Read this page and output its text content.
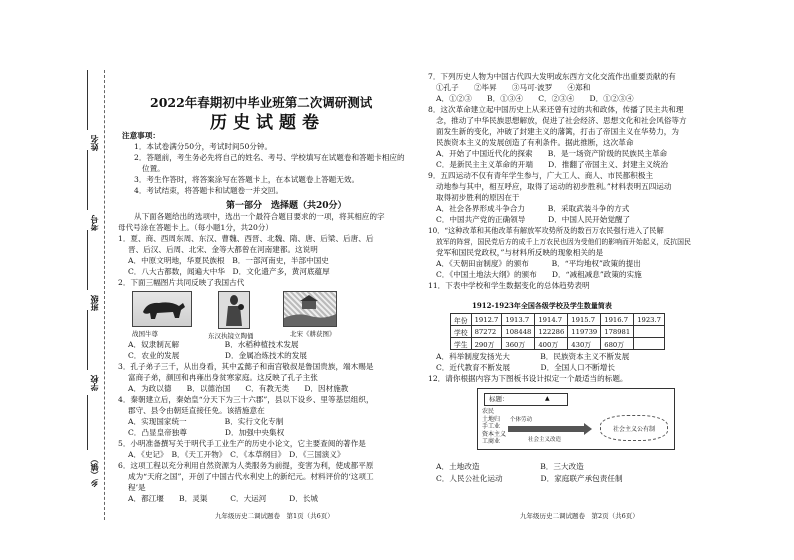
姓名
考号
班级
学校
乡（镇）
2022年春期初中毕业班第二次调研测试
历史试题卷
注意事项：
1．本试卷满分50分，考试时间50分钟。
2．答题前，考生务必先将自己的姓名、考号、学校填写在试题卷和答题卡相应的
位置。
3．考生作答时，将答案涂写在答题卡上，在本试题卷上答题无效。
4．考试结束，将答题卡和试题卷一并交回。
第一部分　选择题（共20分）
从下面各题给出的选项中，选出一个最符合题目要求的一项，将其相应的字
母代号涂在答题卡上。（每小题1分，共20分）
1．夏、商、西周东周、东汉、曹魏、西晋、北魏、隋、唐、后梁、后唐、后
晋、后汉、后周、北宋、金等大都曾在河南建都。这说明
A．中原文明地，华夏民族根　B．一部河南史，半部中国史
C．八大古都数，闻遍大中华　D．文化遗产多，黄河底蕴厚
2．下面三幅图片共同反映了我国古代
战国牛尊	东汉执镜立陶俑	北宋《耕获图》
A．奴隶制瓦解　　　　　　B．水稻种植技术发展
C．农业的发展　　　　　　D．金属冶炼技术的发展
3．孔子弟子三千，从出身看，其中孟懿子和南宫敬叔是鲁国贵族，端木赐是
富商子弟，颜回和冉雍出身贫寒家庭。这反映了孔子主张
A．为政以德　　B．以德治国　　C．有教无类　　D．因材施教
4．秦朝建立后，秦始皇“分天下为三十六郡”，县以下设乡、里等基层组织，
郡守、县令由朝廷直接任免。该措施意在
A．实现国家统一　　　　　B．实行文化专制
C．凸显皇帝独尊　　　　　D．加强中央集权
5．小明准备撰写关于明代手工业生产的历史小论文，它主要查阅的著作是
A．《史记》　B．《天工开物》　C．《本草纲目》　D．《三国演义》
6．这项工程以充分利用自然资源为人类服务为前提，变害为利，使成都平原
成为“天府之国”，开创了中国古代水利史上的新纪元。材料评价的‘这项工
程’是
A．都江堰　　B．灵渠　　　C．大运河　　　D．长城
九年级历史二调试题卷　第1页（共6页）
7．下列历史人物为中国古代四大发明或东西方文化交流作出重要贡献的有
①孔子　　②毕昇　　③马可·波罗　　④郑和
A．①②③　　B．①③④　　C．②③④　　D．①②③④
8．这次革命建立起中国历史上从来还曾有过的共和政体，传播了民主共和理
念，推动了中华民族思想解放，促进了社会经济、思想文化和社会风俗等方
面发生新的变化，冲破了封建主义的藩篱，打击了帝国主义在华势力，为
民族资本主义的发展创造了有利条件。据此推断，这次革命
A．开始了中国近代化的探索　　B．是一场资产阶级的民族民主革命
C．是新民主主义革命的开端　　D．推翻了帝国主义、封建主义统治
9．五四运动不仅有青年学生参与，广大工人、商人、市民都积极主
动地参与其中，相互呼应，取得了运动的初步胜利。”材料表明五四运动
取得初步胜利的原因在于
A．社会各界形成斗争合力　　　B．采取武装斗争的方式
C．中国共产党的正确领导　　　D．中国人民开始觉醒了
10．“这种改革和其他改革有解放军攻势所及的数百万农民强行进入了民解
放军的阵营，国民党后方的成千上万农民也因为受他们的影响而开始起义，反抗国民
党军和国民党政权，”与材料所反映的现象相关的是
A．《天朝田亩制度》的颁布　　　B．“平均地权”政策的提出
C．《中国土地法大纲》的颁布　　D．“减租减息”政策的实施
11．下表中学校和学生数据变化的总体趋势表明
1912-1923年全国各级学校及学生数量简表
年份	1912.7	1913.7	1914.7	1915.7	1916.7	1923.7
学校	87272	108448	122286	119739	178981	
学生	290万	360万	400万	430万	680万	
A．科举制度发扬光大　　　　B．民族资本主义不断发展
C．近代教育不断发展　　　　D．全国人口不断增长
12．请你根据内容为下图板书设计拟定一个最适当的标题。
标题：	▲
农民
土地归
手工业
资本主义
工商业
个体劳动
社会主义改造
社会主义公有制
A．土地改造　　　　　　　　B．三大改造
C．人民公社化运动　　　　　D．家庭联产承包责任制
九年级历史二调试题卷　第2页（共6页）
